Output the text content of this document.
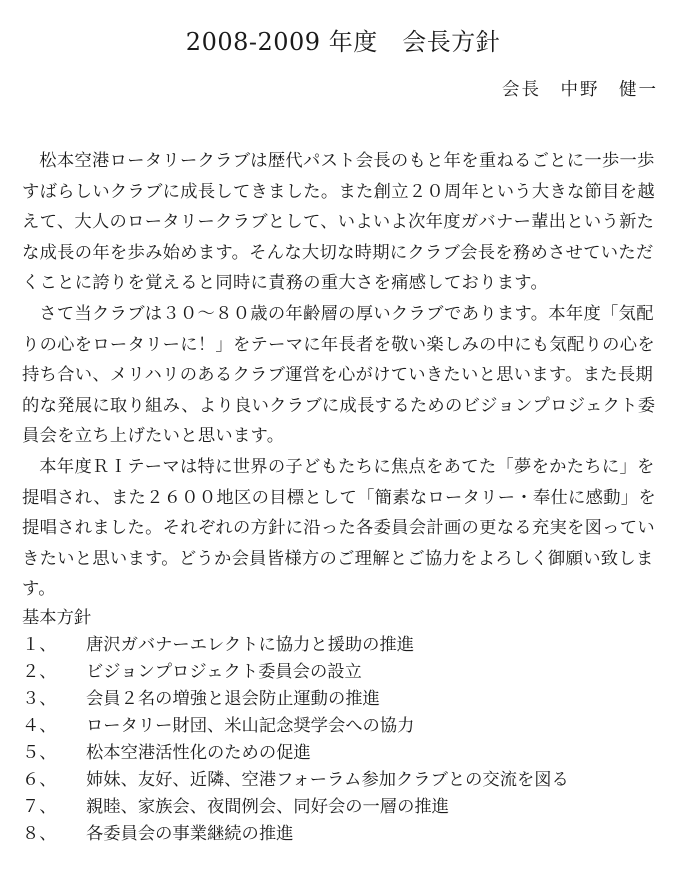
2008-2009 年度　会長方針
会長　中野　健一

松本空港ロータリークラブは歴代パスト会長のもと年を重ねるごとに一歩一歩すばらしいクラブに成長してきました。また創立２０周年という大きな節目を越えて、大人のロータリークラブとして、いよいよ次年度ガバナー輩出という新たな成長の年を歩み始めます。そんな大切な時期にクラブ会長を務めさせていただくことに誇りを覚えると同時に責務の重大さを痛感しております。

さて当クラブは３０～８０歳の年齢層の厚いクラブであります。本年度「気配りの心をロータリーに！」をテーマに年長者を敬い楽しみの中にも気配りの心を持ち合い、メリハリのあるクラブ運営を心がけていきたいと思います。また長期的な発展に取り組み、より良いクラブに成長するためのビジョンプロジェクト委員会を立ち上げたいと思います。

本年度ＲＩテーマは特に世界の子どもたちに焦点をあてた「夢をかたちに」を提唱され、また２６００地区の目標として「簡素なロータリー・奉仕に感動」を提唱されました。それぞれの方針に沿った各委員会計画の更なる充実を図っていきたいと思います。どうか会員皆様方のご理解とご協力をよろしく御願い致します。

基本方針
１、	唐沢ガバナーエレクトに協力と援助の推進
２、	ビジョンプロジェクト委員会の設立
３、	会員２名の増強と退会防止運動の推進
４、	ロータリー財団、米山記念奨学会への協力
５、	松本空港活性化のための促進
６、	姉妹、友好、近隣、空港フォーラム参加クラブとの交流を図る
７、	親睦、家族会、夜間例会、同好会の一層の推進
８、	各委員会の事業継続の推進
